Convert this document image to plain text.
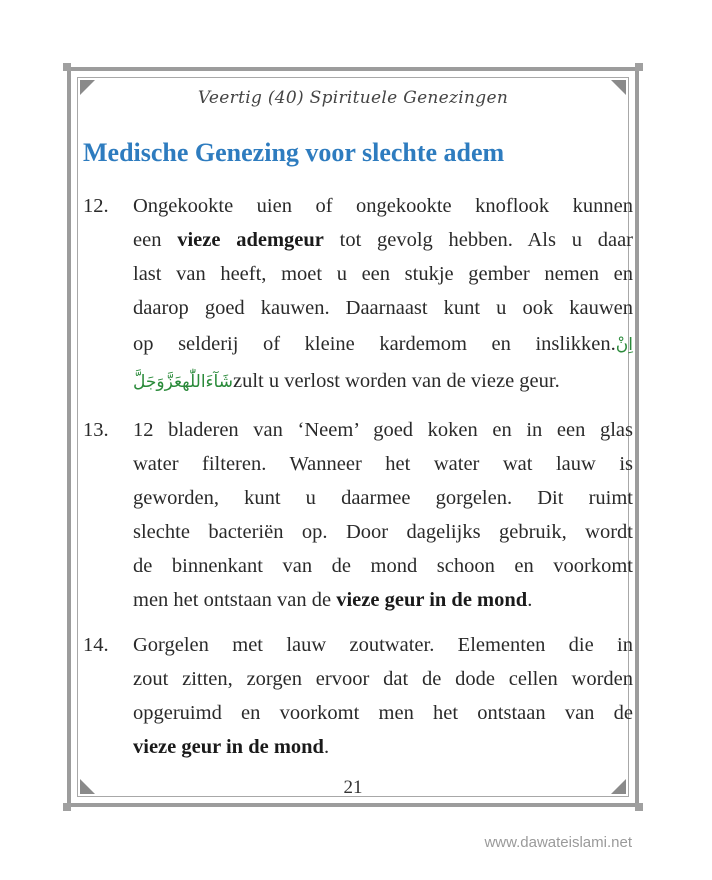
Veertig (40) Spirituele Genezingen
Medische Genezing voor slechte adem
12. Ongekookte uien of ongekookte knoflook kunnen
een vieze ademgeur tot gevolg hebben. Als u daar
last van heeft, moet u een stukje gember nemen en
daarop goed kauwen. Daarnaast kunt u ook kauwen
op selderij of kleine kardemom en inslikken.اِنْ
شَآءَاللّٰهعَزَّوَجَلَّzult u verlost worden van de vieze geur.
13. 12 bladeren van ‘Neem’ goed koken en in een glas
water filteren. Wanneer het water wat lauw is
geworden, kunt u daarmee gorgelen. Dit ruimt
slechte bacteriën op. Door dagelijks gebruik, wordt
de binnenkant van de mond schoon en voorkomt
men het ontstaan van de vieze geur in de mond.
14. Gorgelen met lauw zoutwater. Elementen die in
zout zitten, zorgen ervoor dat de dode cellen worden
opgeruimd en voorkomt men het ontstaan van de
vieze geur in de mond.
21
www.dawateislami.net
